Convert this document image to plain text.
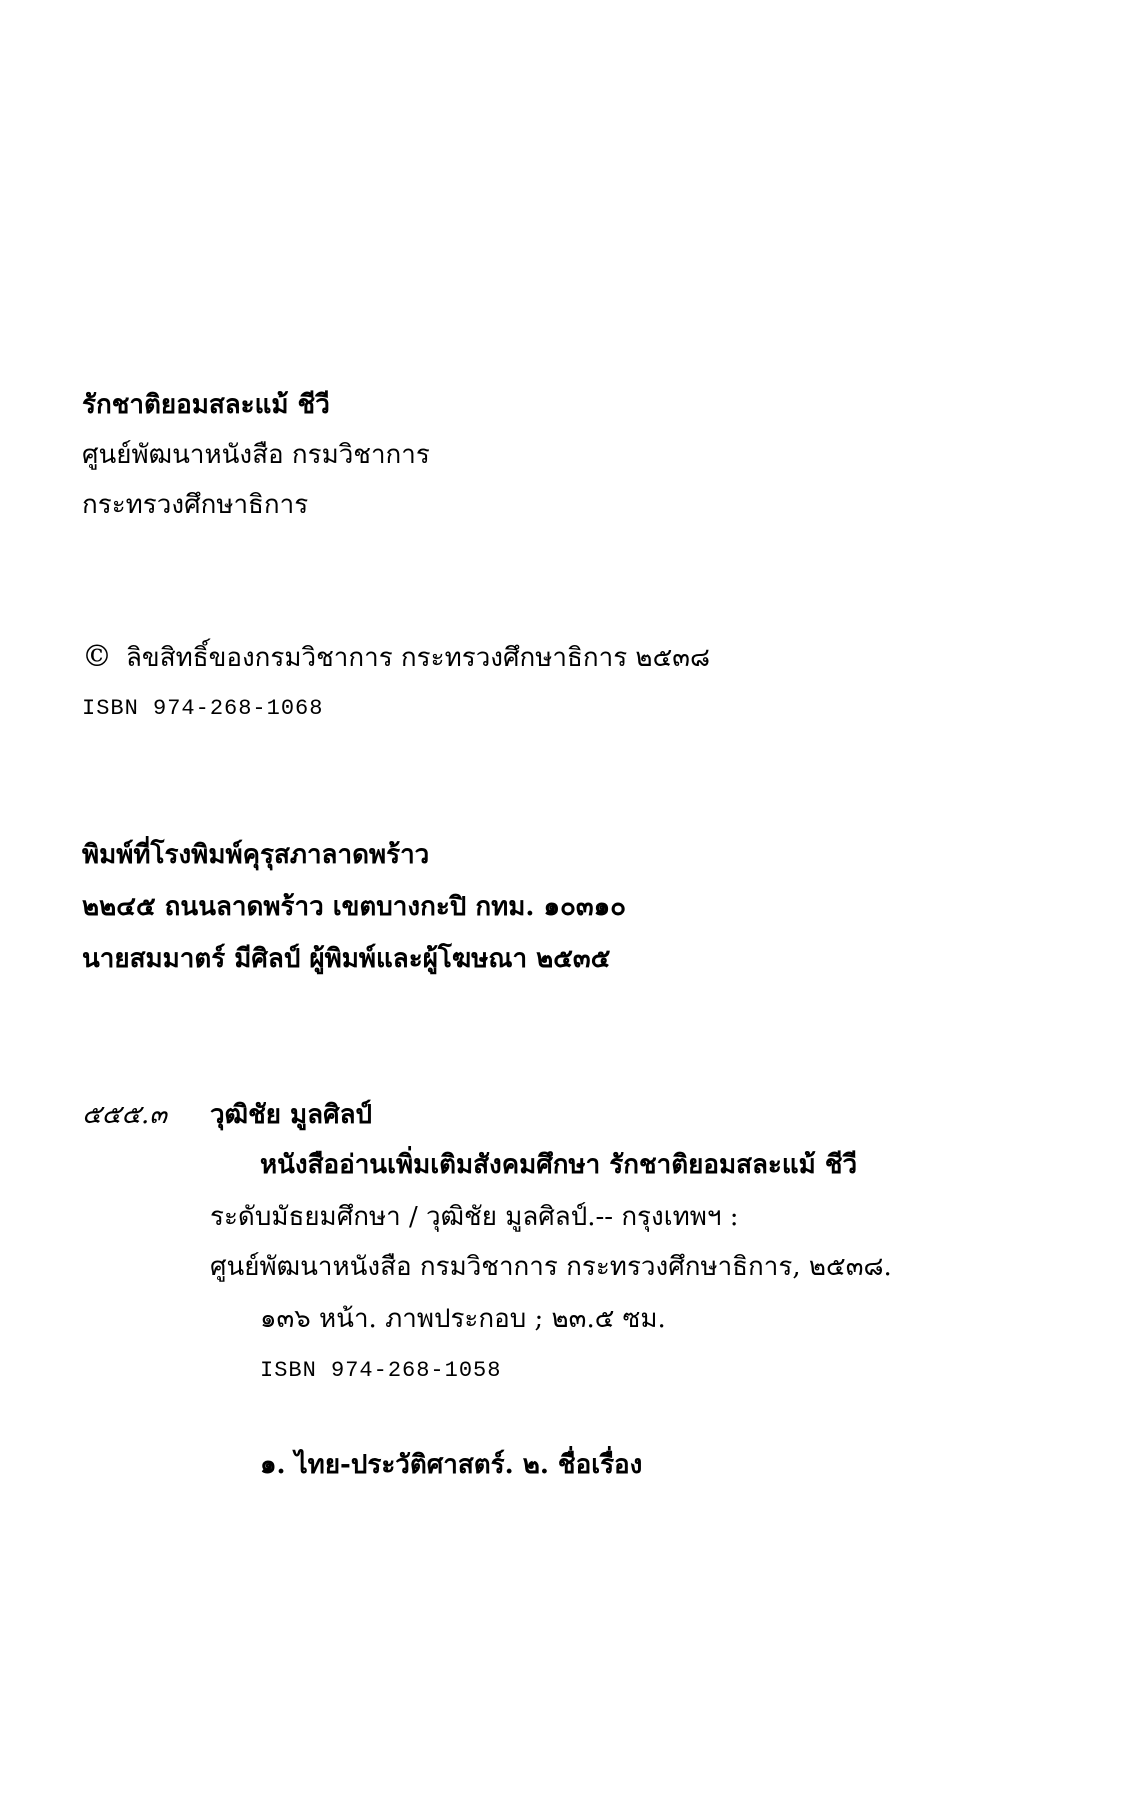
รักชาติยอมสละแม้ ชีวี
ศูนย์พัฒนาหนังสือ กรมวิชาการ
กระทรวงศึกษาธิการ
© ลิขสิทธิ์ของกรมวิชาการ กระทรวงศึกษาธิการ ๒๕๓๘
ISBN 974-268-1068
พิมพ์ที่โรงพิมพ์คุรุสภาลาดพร้าว
๒๒๔๕ ถนนลาดพร้าว เขตบางกะปิ กทม. ๑๐๓๑๐
นายสมมาตร์ มีศิลป์ ผู้พิมพ์และผู้โฆษณา ๒๕๓๕
๕๕๕.๓ วุฒิชัย มูลศิลป์
หนังสืออ่านเพิ่มเติมสังคมศึกษา รักชาติยอมสละแม้ ชีวี
ระดับมัธยมศึกษา / วุฒิชัย มูลศิลป์.-- กรุงเทพฯ :
ศูนย์พัฒนาหนังสือ กรมวิชาการ กระทรวงศึกษาธิการ, ๒๕๓๘.
๑๓๖ หน้า. ภาพประกอบ ; ๒๓.๕ ซม.
ISBN 974-268-1058
๑. ไทย-ประวัติศาสตร์. ๒. ชื่อเรื่อง
